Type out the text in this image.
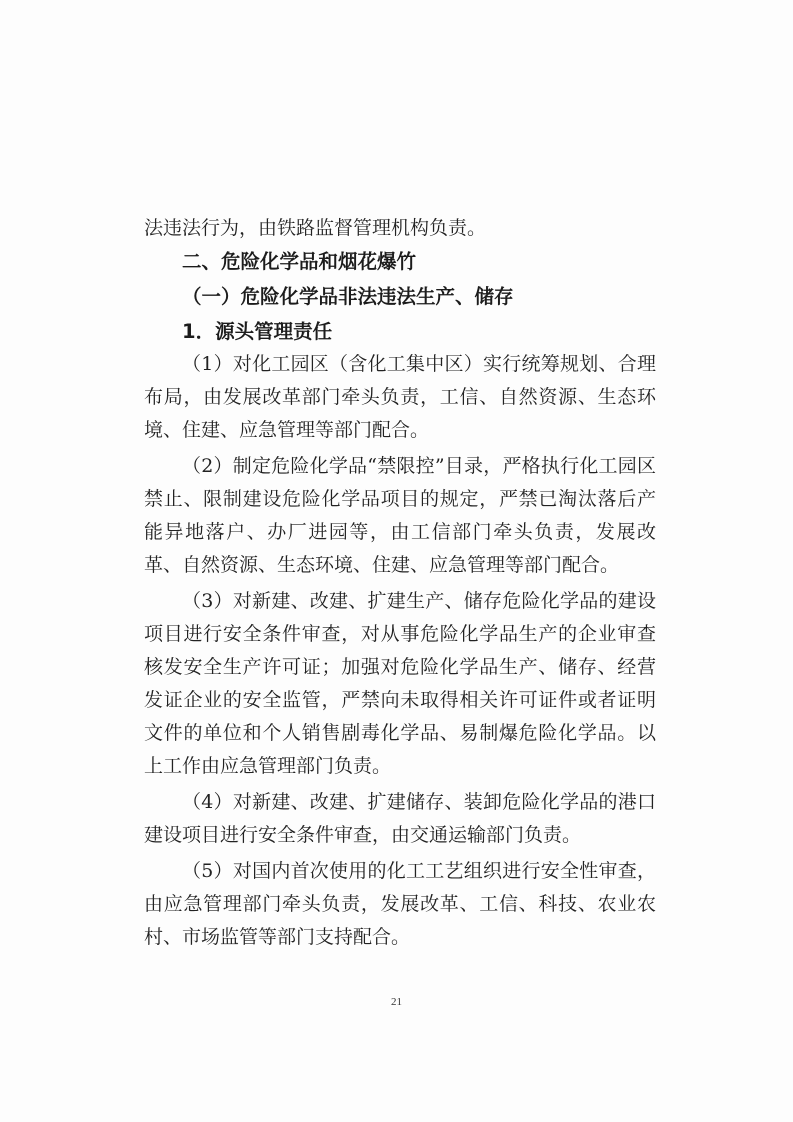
法违法行为，由铁路监督管理机构负责。

二、危险化学品和烟花爆竹

（一）危险化学品非法违法生产、储存

1．源头管理责任

（1）对化工园区（含化工集中区）实行统筹规划、合理布局，由发展改革部门牵头负责，工信、自然资源、生态环境、住建、应急管理等部门配合。

（2）制定危险化学品“禁限控”目录，严格执行化工园区禁止、限制建设危险化学品项目的规定，严禁已淘汰落后产能异地落户、办厂进园等，由工信部门牵头负责，发展改革、自然资源、生态环境、住建、应急管理等部门配合。

（3）对新建、改建、扩建生产、储存危险化学品的建设项目进行安全条件审查，对从事危险化学品生产的企业审查核发安全生产许可证；加强对危险化学品生产、储存、经营发证企业的安全监管，严禁向未取得相关许可证件或者证明文件的单位和个人销售剧毒化学品、易制爆危险化学品。以上工作由应急管理部门负责。

（4）对新建、改建、扩建储存、装卸危险化学品的港口建设项目进行安全条件审查，由交通运输部门负责。

（5）对国内首次使用的化工工艺组织进行安全性审查，由应急管理部门牵头负责，发展改革、工信、科技、农业农村、市场监管等部门支持配合。

21
